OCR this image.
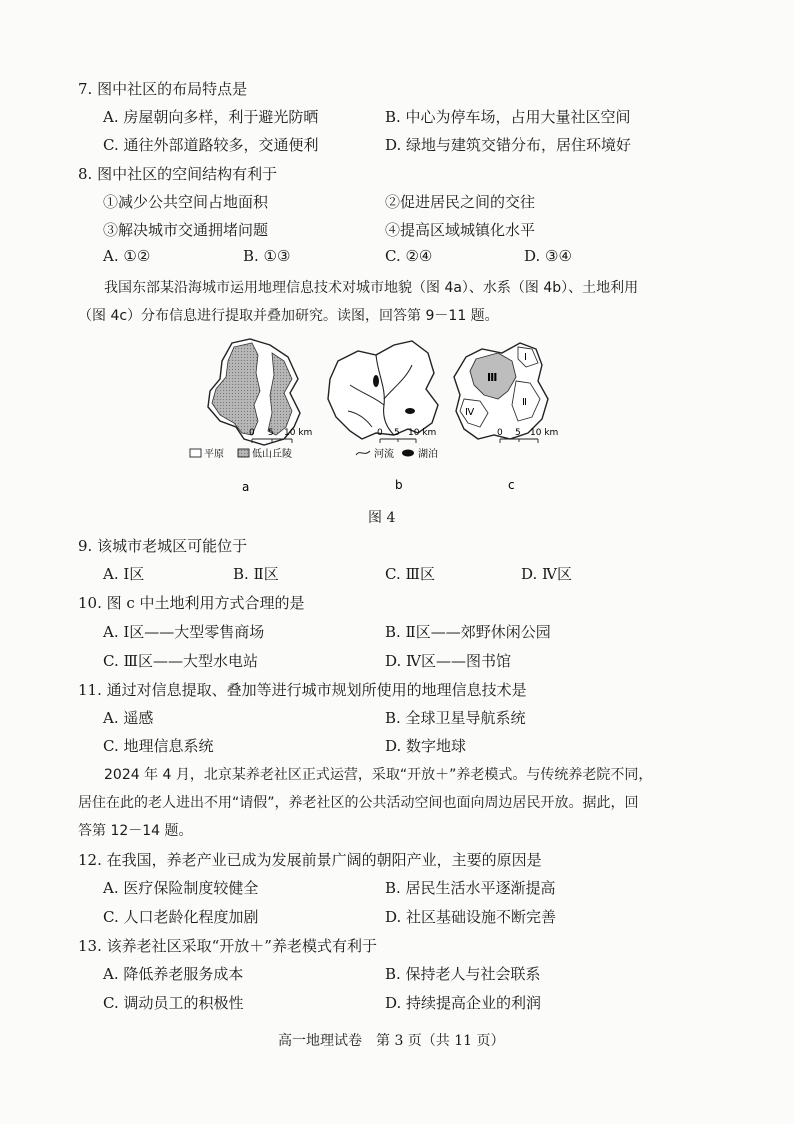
7. 图中社区的布局特点是
A. 房屋朝向多样，利于避光防晒	B. 中心为停车场，占用大量社区空间
C. 通往外部道路较多，交通便利	D. 绿地与建筑交错分布，居住环境好
8. 图中社区的空间结构有利于
①减少公共空间占地面积	②促进居民之间的交往
③解决城市交通拥堵问题	④提高区域城镇化水平
A. ①②	B. ①③	C. ②④	D. ③④
我国东部某沿海城市运用地理信息技术对城市地貌（图 4a）、水系（图 4b）、土地利用
（图 4c）分布信息进行提取并叠加研究。读图，回答第 9－11 题。
Ⅰ
Ⅱ
Ⅲ
Ⅳ
0 5 10 km	0 5 10 km	0 5 10 km
平原	低山丘陵	河流 湖泊
a	b	c
图 4
9. 该城市老城区可能位于
A. Ⅰ区	B. Ⅱ区	C. Ⅲ区	D. Ⅳ区
10. 图 c 中土地利用方式合理的是
A. Ⅰ区——大型零售商场	B. Ⅱ区——郊野休闲公园
C. Ⅲ区——大型水电站	D. Ⅳ区——图书馆
11. 通过对信息提取、叠加等进行城市规划所使用的地理信息技术是
A. 遥感	B. 全球卫星导航系统
C. 地理信息系统	D. 数字地球
2024 年 4 月，北京某养老社区正式运营，采取“开放＋”养老模式。与传统养老院不同，
居住在此的老人进出不用“请假”，养老社区的公共活动空间也面向周边居民开放。据此，回
答第 12－14 题。
12. 在我国，养老产业已成为发展前景广阔的朝阳产业，主要的原因是
A. 医疗保险制度较健全	B. 居民生活水平逐渐提高
C. 人口老龄化程度加剧	D. 社区基础设施不断完善
13. 该养老社区采取“开放＋”养老模式有利于
A. 降低养老服务成本	B. 保持老人与社会联系
C. 调动员工的积极性	D. 持续提高企业的利润
高一地理试卷　第 3 页（共 11 页）
